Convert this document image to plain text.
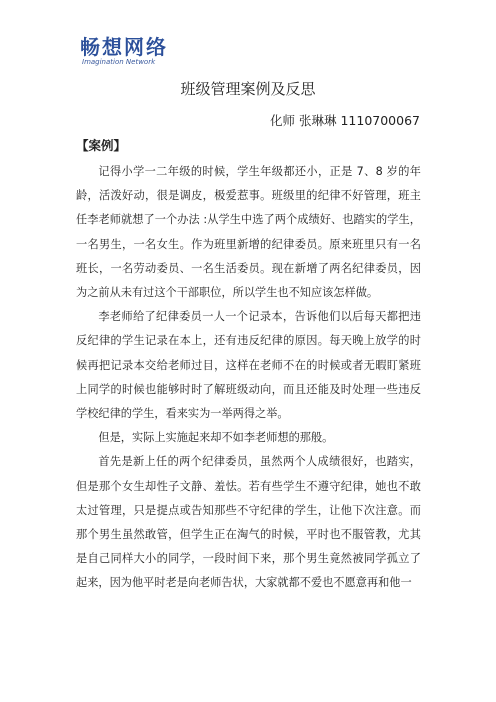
畅想网络
Imagination Network
班级管理案例及反思
化师 张琳琳 1110700067
【案例】

记得小学一二年级的时候，学生年级都还小，正是 7、8 岁的年龄，活泼好动，很是调皮，极爱惹事。班级里的纪律不好管理，班主任李老师就想了一个办法 :从学生中选了两个成绩好、也踏实的学生，一名男生，一名女生。作为班里新增的纪律委员。原来班里只有一名班长，一名劳动委员、一名生活委员。现在新增了两名纪律委员，因为之前从未有过这个干部职位，所以学生也不知应该怎样做。

李老师给了纪律委员一人一个记录本，告诉他们以后每天都把违反纪律的学生记录在本上，还有违反纪律的原因。每天晚上放学的时候再把记录本交给老师过目，这样在老师不在的时候或者无暇盯紧班上同学的时候也能够时时了解班级动向，而且还能及时处理一些违反学校纪律的学生，看来实为一举两得之举。

但是，实际上实施起来却不如李老师想的那般。

首先是新上任的两个纪律委员，虽然两个人成绩很好，也踏实，但是那个女生却性子文静、羞怯。若有些学生不遵守纪律，她也不敢太过管理，只是提点或告知那些不守纪律的学生，让他下次注意。而那个男生虽然敢管，但学生正在淘气的时候，平时也不服管教，尤其是自己同样大小的同学，一段时间下来，那个男生竟然被同学孤立了起来，因为他平时老是向老师告状，大家就都不爱也不愿意再和他一
